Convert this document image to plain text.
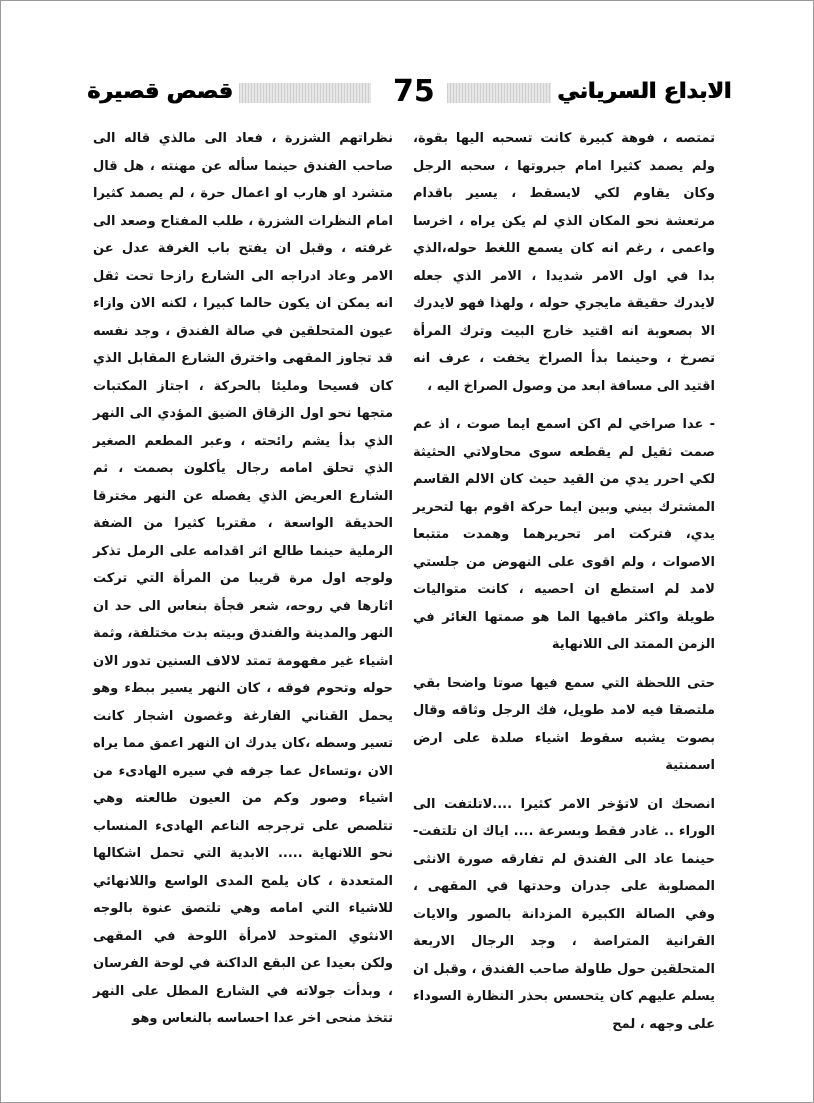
قصص قصيرة	75	الابداع السرياني

تمتصه ، فوهة كبيرة كانت تسحبه اليها بقوة، ولم يصمد كثيرا امام جبروتها ، سحبه الرجل وكان يقاوم لكي لايسقط ، يسير باقدام مرتعشة نحو المكان الذي لم يكن يراه ، اخرسا واعمى ، رغم انه كان يسمع اللغط حوله،الذي بدا في اول الامر شديدا ، الامر الذي جعله لايدرك حقيقة مايجري حوله ، ولهذا فهو لايدرك الا بصعوبة انه اقتيد خارج البيت وترك المرأة تصرخ ، وحينما بدأ الصراخ يخفت ، عرف انه اقتيد الى مسافة ابعد من وصول الصراخ اليه ،

- عدا صراخي لم اكن اسمع ايما صوت ، اذ عم صمت ثقيل لم يقطعه سوى محاولاتي الحثيثة لكي احرر يدي من القيد حيث كان الالم القاسم المشترك بيني وبين ايما حركة اقوم بها لتحرير يدي، فتركت امر تحريرهما وهمدت متتبعا الاصوات ، ولم اقوى على النهوض من جلستي لامد لم استطع ان احصيه ، كانت متواليات طويلة واكثر مافيها الما هو صمتها الغائر في الزمن الممتد الى اللانهاية

حتى اللحظة التي سمع فيها صوتا واضحا بقي ملتصقا فيه لامد طويل، فك الرجل وثاقه وقال بصوت يشبه سقوط اشياء صلدة على ارض اسمنتية

انصحك ان لاتؤخر الامر كثيرا ....لاتلتفت الى الوراء .. غادر فقط وبسرعة .... اياك ان تلتفت- حينما عاد الى الفندق لم تفارقه صورة الانثى المصلوبة على جدران وحدتها في المقهى ، وفي الصالة الكبيرة المزدانة بالصور والايات القرانية المتراصة ، وجد الرجال الاربعة المتحلقين حول طاولة صاحب الفندق ، وقبل ان يسلم عليهم كان يتحسس بحذر النظارة السوداء على وجهه ، لمح

نظراتهم الشزرة ، فعاد الى مالذي قاله الى صاحب الفندق حينما سأله عن مهنته ، هل قال متشرد او هارب او اعمال حرة ، لم يصمد كثيرا امام النظرات الشزرة ، طلب المفتاح وصعد الى غرفته ، وقبل ان يفتح باب الغرفة عدل عن الامر وعاد ادراجه الى الشارع رازحا تحت ثقل انه يمكن ان يكون حالما كبيرا ، لكنه الان وازاء عيون المتحلقين في صالة الفندق ، وجد نفسه قد تجاوز المقهى واخترق الشارع المقابل الذي كان فسيحا ومليئا بالحركة ، اجتاز المكتبات متجها نحو اول الزقاق الضيق المؤدي الى النهر الذي بدأ يشم رائحته ، وعبر المطعم الصغير الذي تحلق امامه رجال يأكلون بصمت ، ثم الشارع العريض الذي يفصله عن النهر مخترقا الحديقة الواسعة ، مقتربا كثيرا من الضفة الرملية حينما طالع اثر اقدامه على الرمل تذكر ولوجه اول مرة قريبا من المرأة التي تركت اثارها في روحه، شعر فجأة بنعاس الى حد ان النهر والمدينة والفندق وبيته بدت مختلفة، وثمة اشياء غير مفهومة تمتد لالاف السنين تدور الان حوله وتحوم فوقه ، كان النهر يسير ببطء وهو يحمل القناني الفارغة وغصون اشجار كانت تسير وسطه ،كان يدرك ان النهر اعمق مما يراه الان ،وتساءل عما جرفه في سيره الهادىء من اشياء وصور وكم من العيون طالعته وهي تتلصص على ترجرجه الناعم الهادىء المنساب نحو اللانهاية ..... الابدية التي تحمل اشكالها المتعددة ، كان يلمح المدى الواسع واللانهائي للاشياء التي امامه وهي تلتصق عنوة بالوجه الانثوي المتوحد لامرأة اللوحة في المقهى ولكن بعيدا عن البقع الداكنة في لوحة الفرسان ، وبدأت جولاته في الشارع المطل على النهر تتخذ منحى اخر عدا احساسه بالنعاس وهو
